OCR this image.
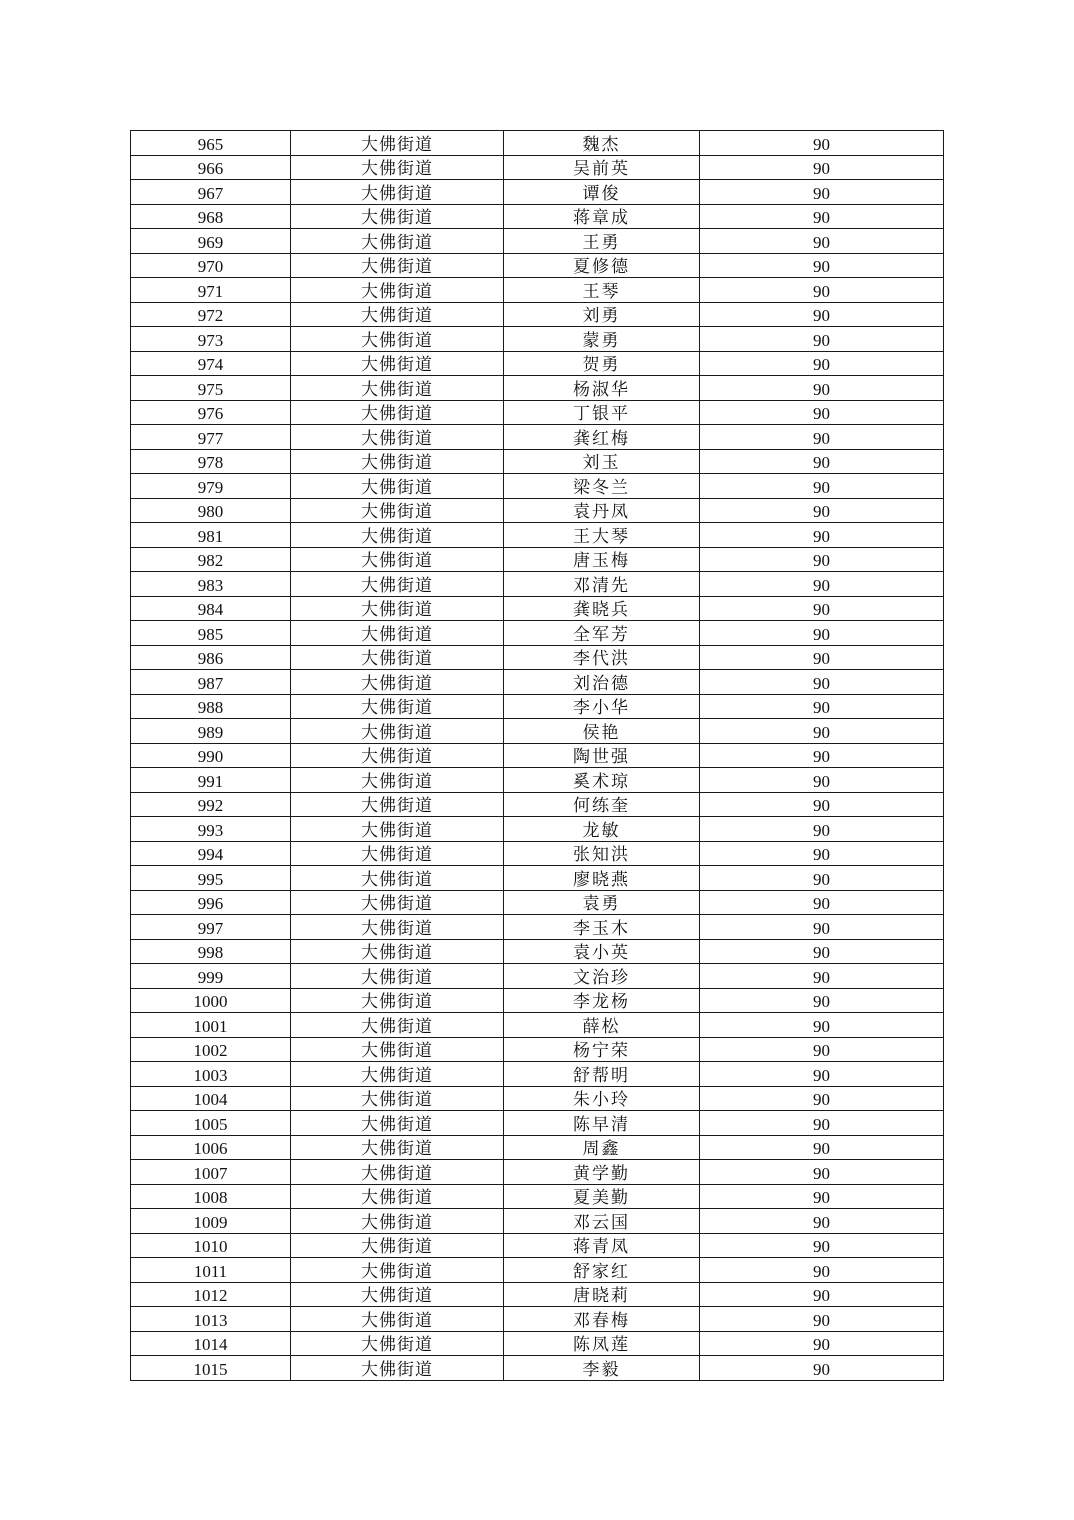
965	大佛街道	魏杰	90
966	大佛街道	吴前英	90
967	大佛街道	谭俊	90
968	大佛街道	蒋章成	90
969	大佛街道	王勇	90
970	大佛街道	夏修德	90
971	大佛街道	王琴	90
972	大佛街道	刘勇	90
973	大佛街道	蒙勇	90
974	大佛街道	贺勇	90
975	大佛街道	杨淑华	90
976	大佛街道	丁银平	90
977	大佛街道	龚红梅	90
978	大佛街道	刘玉	90
979	大佛街道	梁冬兰	90
980	大佛街道	袁丹凤	90
981	大佛街道	王大琴	90
982	大佛街道	唐玉梅	90
983	大佛街道	邓清先	90
984	大佛街道	龚晓兵	90
985	大佛街道	全军芳	90
986	大佛街道	李代洪	90
987	大佛街道	刘治德	90
988	大佛街道	李小华	90
989	大佛街道	侯艳	90
990	大佛街道	陶世强	90
991	大佛街道	奚术琼	90
992	大佛街道	何练奎	90
993	大佛街道	龙敏	90
994	大佛街道	张知洪	90
995	大佛街道	廖晓燕	90
996	大佛街道	袁勇	90
997	大佛街道	李玉木	90
998	大佛街道	袁小英	90
999	大佛街道	文治珍	90
1000	大佛街道	李龙杨	90
1001	大佛街道	薛松	90
1002	大佛街道	杨宁荣	90
1003	大佛街道	舒帮明	90
1004	大佛街道	朱小玲	90
1005	大佛街道	陈早清	90
1006	大佛街道	周鑫	90
1007	大佛街道	黄学勤	90
1008	大佛街道	夏美勤	90
1009	大佛街道	邓云国	90
1010	大佛街道	蒋青凤	90
1011	大佛街道	舒家红	90
1012	大佛街道	唐晓莉	90
1013	大佛街道	邓春梅	90
1014	大佛街道	陈凤莲	90
1015	大佛街道	李毅	90
